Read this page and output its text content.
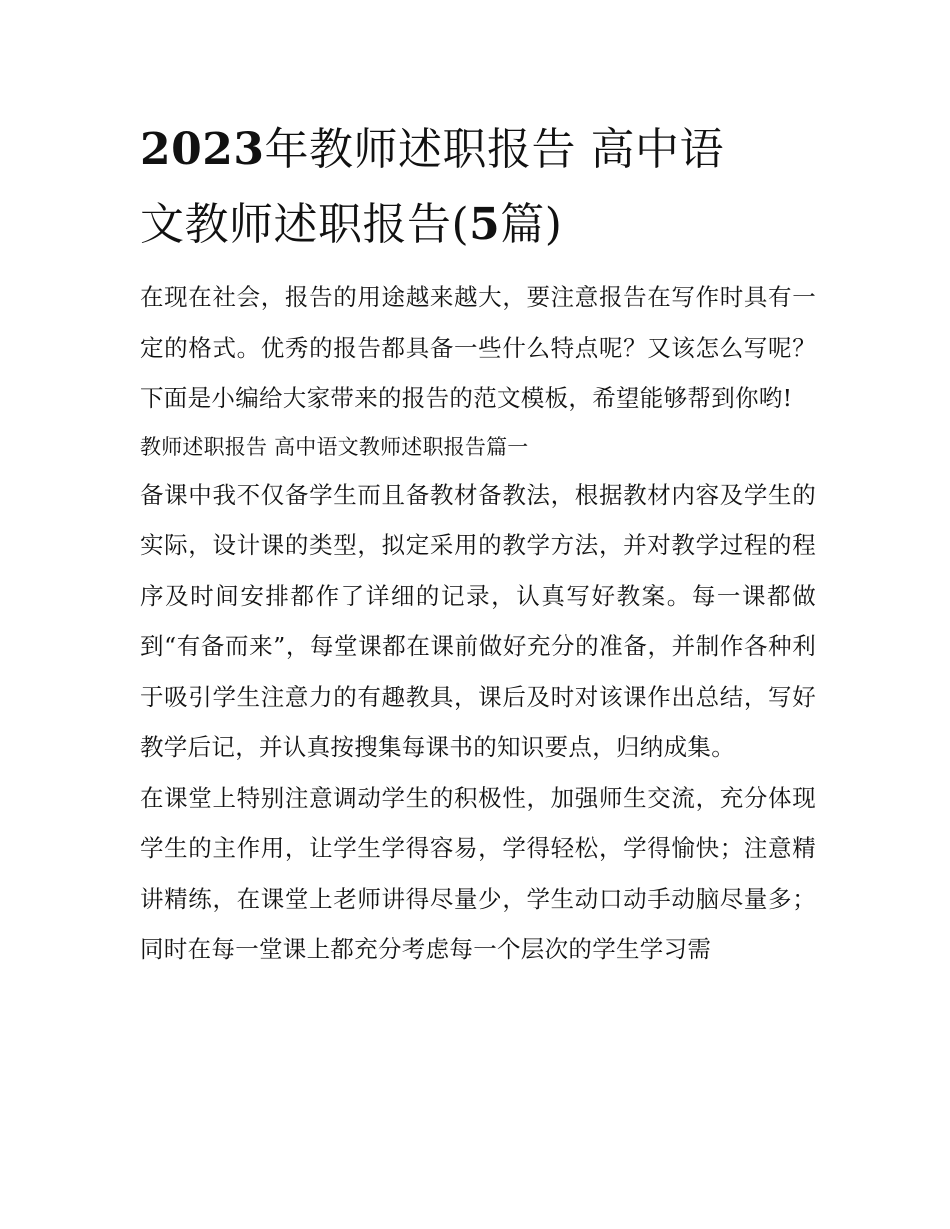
2023年教师述职报告 高中语
文教师述职报告(5篇)

在现在社会，报告的用途越来越大，要注意报告在写作时具有一定的格式。优秀的报告都具备一些什么特点呢？又该怎么写呢？下面是小编给大家带来的报告的范文模板，希望能够帮到你哟!

教师述职报告 高中语文教师述职报告篇一

备课中我不仅备学生而且备教材备教法，根据教材内容及学生的实际，设计课的类型，拟定采用的教学方法，并对教学过程的程序及时间安排都作了详细的记录，认真写好教案。每一课都做到“有备而来”，每堂课都在课前做好充分的准备，并制作各种利于吸引学生注意力的有趣教具，课后及时对该课作出总结，写好教学后记，并认真按搜集每课书的知识要点，归纳成集。

在课堂上特别注意调动学生的积极性，加强师生交流，充分体现学生的主作用，让学生学得容易，学得轻松，学得愉快；注意精讲精练，在课堂上老师讲得尽量少，学生动口动手动脑尽量多；同时在每一堂课上都充分考虑每一个层次的学生学习需
